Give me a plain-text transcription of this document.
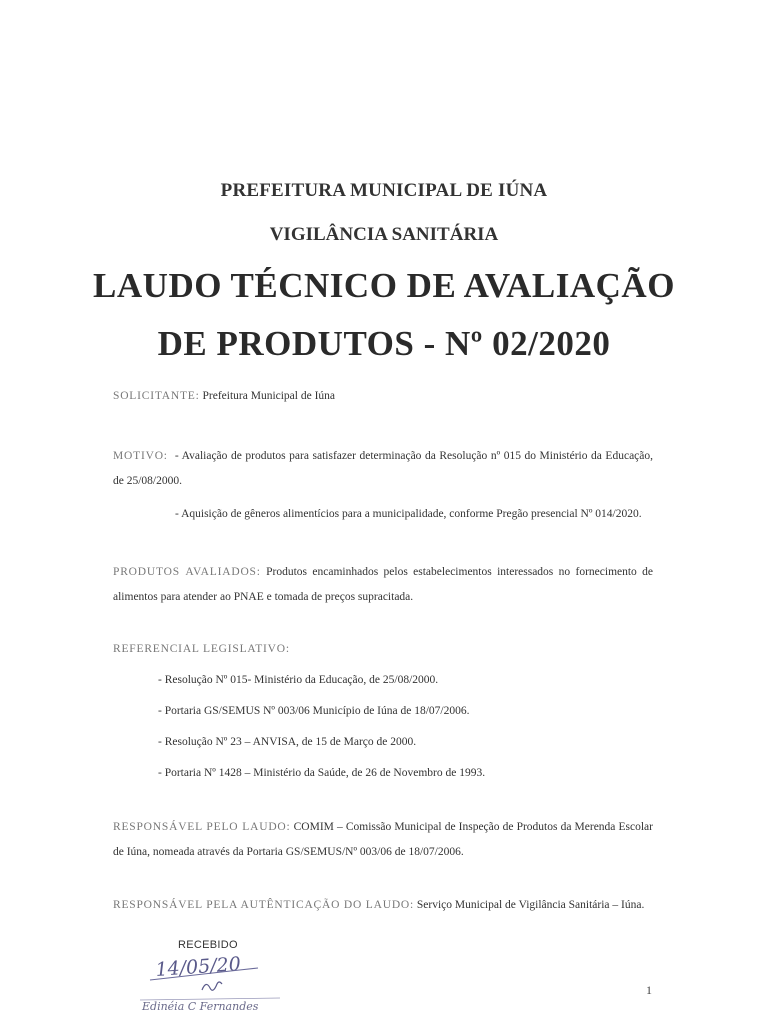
PREFEITURA MUNICIPAL DE IÚNA
VIGILÂNCIA SANITÁRIA
LAUDO TÉCNICO DE AVALIAÇÃO
DE PRODUTOS - Nº 02/2020
SOLICITANTE: Prefeitura Municipal de Iúna
MOTIVO: - Avaliação de produtos para satisfazer determinação da Resolução nº 015 do Ministério da Educação, de 25/08/2000.
- Aquisição de gêneros alimentícios para a municipalidade, conforme Pregão presencial Nº 014/2020.
PRODUTOS AVALIADOS: Produtos encaminhados pelos estabelecimentos interessados no fornecimento de alimentos para atender ao PNAE e tomada de preços supracitada.
REFERENCIAL LEGISLATIVO:
- Resolução Nº 015- Ministério da Educação, de 25/08/2000.
- Portaria GS/SEMUS Nº 003/06 Município de Iúna de 18/07/2006.
- Resolução Nº 23 – ANVISA, de 15 de Março de 2000.
- Portaria Nº 1428 – Ministério da Saúde, de 26 de Novembro de 1993.
RESPONSÁVEL PELO LAUDO: COMIM – Comissão Municipal de Inspeção de Produtos da Merenda Escolar de Iúna, nomeada através da Portaria GS/SEMUS/Nº 003/06 de 18/07/2006.
RESPONSÁVEL PELA AUTÊNTICAÇÃO DO LAUDO: Serviço Municipal de Vigilância Sanitária – Iúna.
RECEBIDO
14/05/20
Edinéia C Fernandes
1
